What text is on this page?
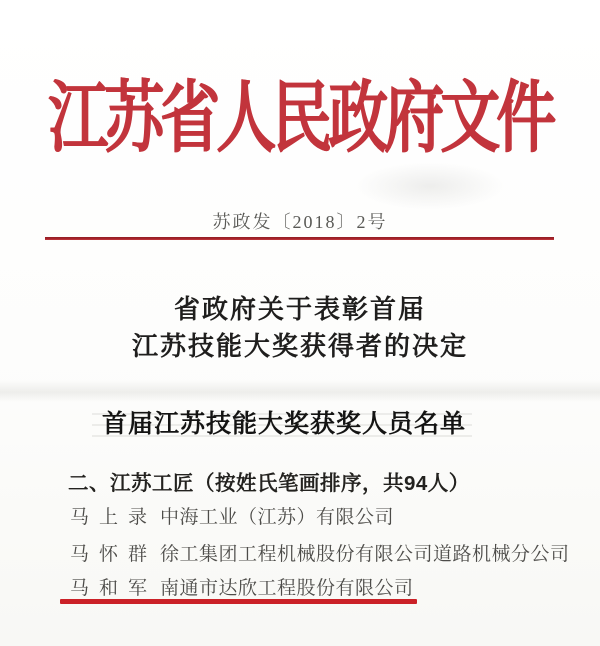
江苏省人民政府文件
苏政发〔2018〕2号
省政府关于表彰首届
江苏技能大奖获得者的决定
首届江苏技能大奖获奖人员名单
二、江苏工匠（按姓氏笔画排序，共94人）
马上录 中海工业（江苏）有限公司
马怀群 徐工集团工程机械股份有限公司道路机械分公司
马和军 南通市达欣工程股份有限公司
